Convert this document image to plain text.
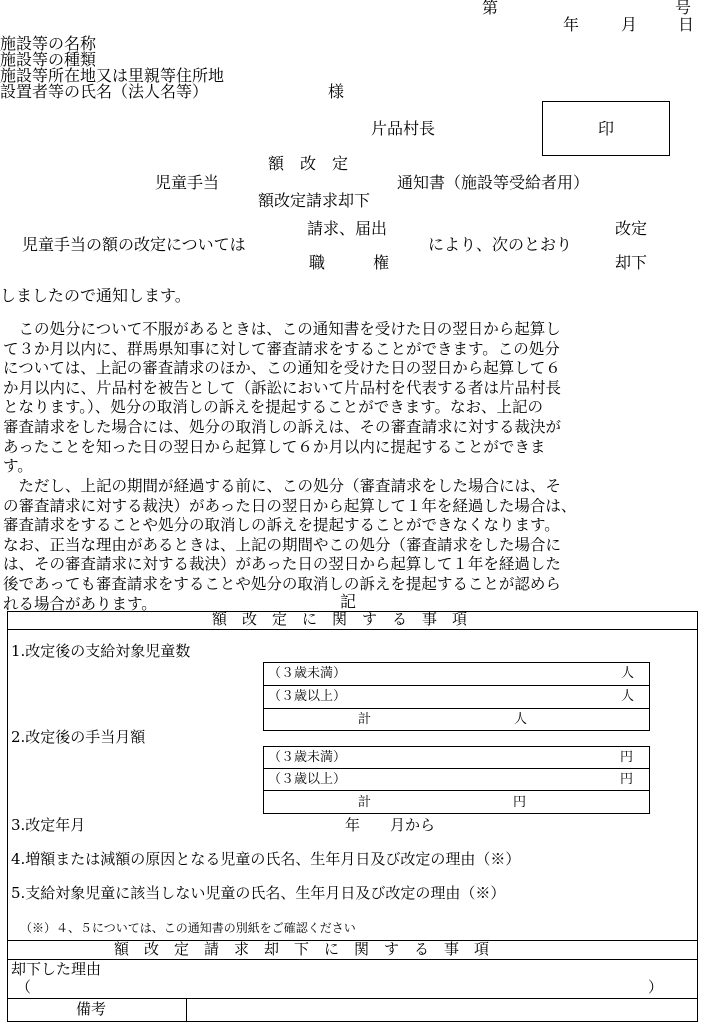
第	号
年	月	日
施設等の名称
施設等の種類
施設等所在地又は里親等住所地
設置者等の氏名（法人名等）	様
片品村長	印
額　改　定
児童手当	通知書（施設等受給者用）
額改定請求却下
請求、届出	改定
児童手当の額の改定については	により、次のとおり
職　　　権	却下
しましたので通知します。
　この処分について不服があるときは、この通知書を受けた日の翌日から起算し
て３か月以内に、群馬県知事に対して審査請求をすることができます。この処分
については、上記の審査請求のほか、この通知を受けた日の翌日から起算して６
か月以内に、片品村を被告として（訴訟において片品村を代表する者は片品村長
となります。）、処分の取消しの訴えを提起することができます。なお、上記の
審査請求をした場合には、処分の取消しの訴えは、その審査請求に対する裁決が
あったことを知った日の翌日から起算して６か月以内に提起することができま
す。
　ただし、上記の期間が経過する前に、この処分（審査請求をした場合には、そ
の審査請求に対する裁決）があった日の翌日から起算して１年を経過した場合は、
審査請求をすることや処分の取消しの訴えを提起することができなくなります。
なお、正当な理由があるときは、上記の期間やこの処分（審査請求をした場合に
は、その審査請求に対する裁決）があった日の翌日から起算して１年を経過した
後であっても審査請求をすることや処分の取消しの訴えを提起することが認めら
れる場合があります。	記
額　改　定　に　関　す　る　事　項
1.改定後の支給対象児童数
（３歳未満）	人
（３歳以上）	人
計	人
2.改定後の手当月額
（３歳未満）	円
（３歳以上）	円
計	円
3.改定年月	年　　月から
4.増額または減額の原因となる児童の氏名、生年月日及び改定の理由（※）
5.支給対象児童に該当しない児童の氏名、生年月日及び改定の理由（※）
（※）４、５については、この通知書の別紙をご確認ください
額　改　定　請　求　却　下　に　関　す　る　事　項
却下した理由
（	）
備考
